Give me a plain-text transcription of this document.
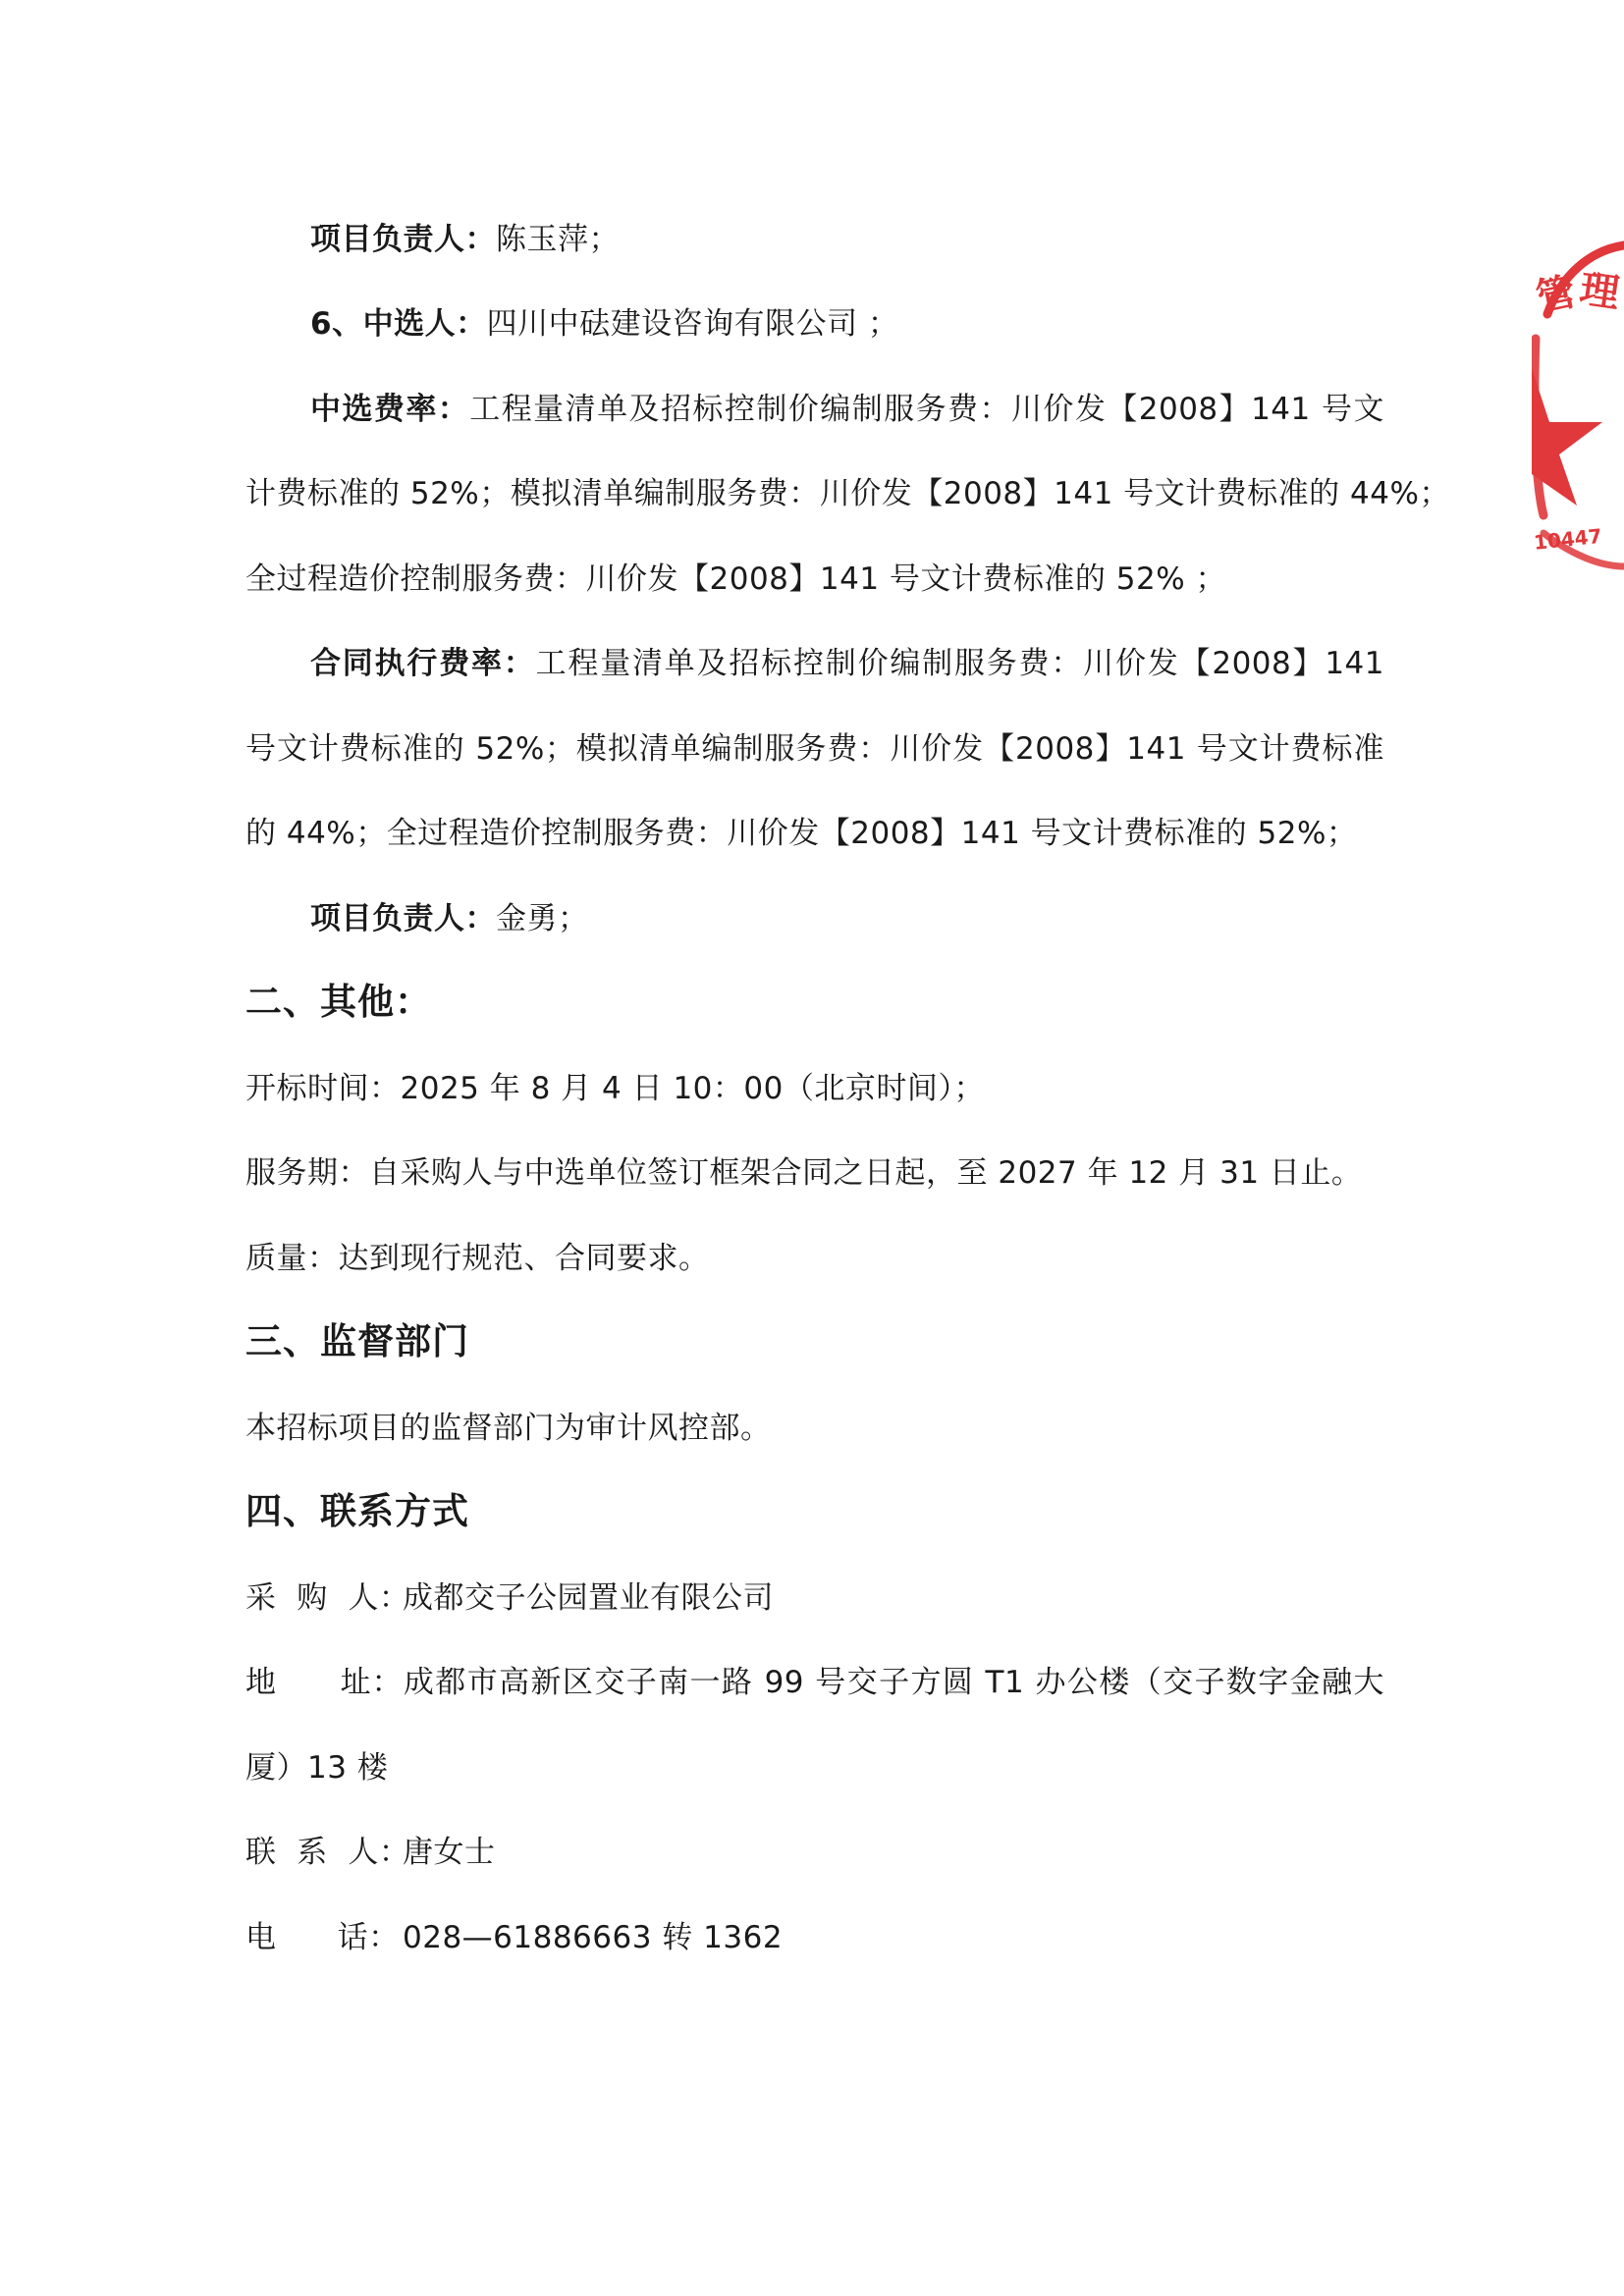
项目负责人：陈玉萍；
6、中选人：四川中砝建设咨询有限公司 ；
中选费率：工程量清单及招标控制价编制服务费：川价发【2008】141 号文
计费标准的 52%；模拟清单编制服务费：川价发【2008】141 号文计费标准的 44%；
全过程造价控制服务费：川价发【2008】141 号文计费标准的 52% ；
合同执行费率：工程量清单及招标控制价编制服务费：川价发【2008】141
号文计费标准的 52%；模拟清单编制服务费：川价发【2008】141 号文计费标准
的 44%；全过程造价控制服务费：川价发【2008】141 号文计费标准的 52%；
项目负责人：金勇；
二、其他：
开标时间：2025 年 8 月 4 日 10：00（北京时间）；
服务期：自采购人与中选单位签订框架合同之日起，至 2027 年 12 月 31 日止。
质量：达到现行规范、合同要求。
三、监督部门
本招标项目的监督部门为审计风控部。
四、联系方式
采  购  人：成都交子公园置业有限公司
地      址：成都市高新区交子南一路 99 号交子方圆 T1 办公楼（交子数字金融大
厦）13 楼
联  系  人：唐女士
电      话： 028—61886663 转 1362
管
理
10447
